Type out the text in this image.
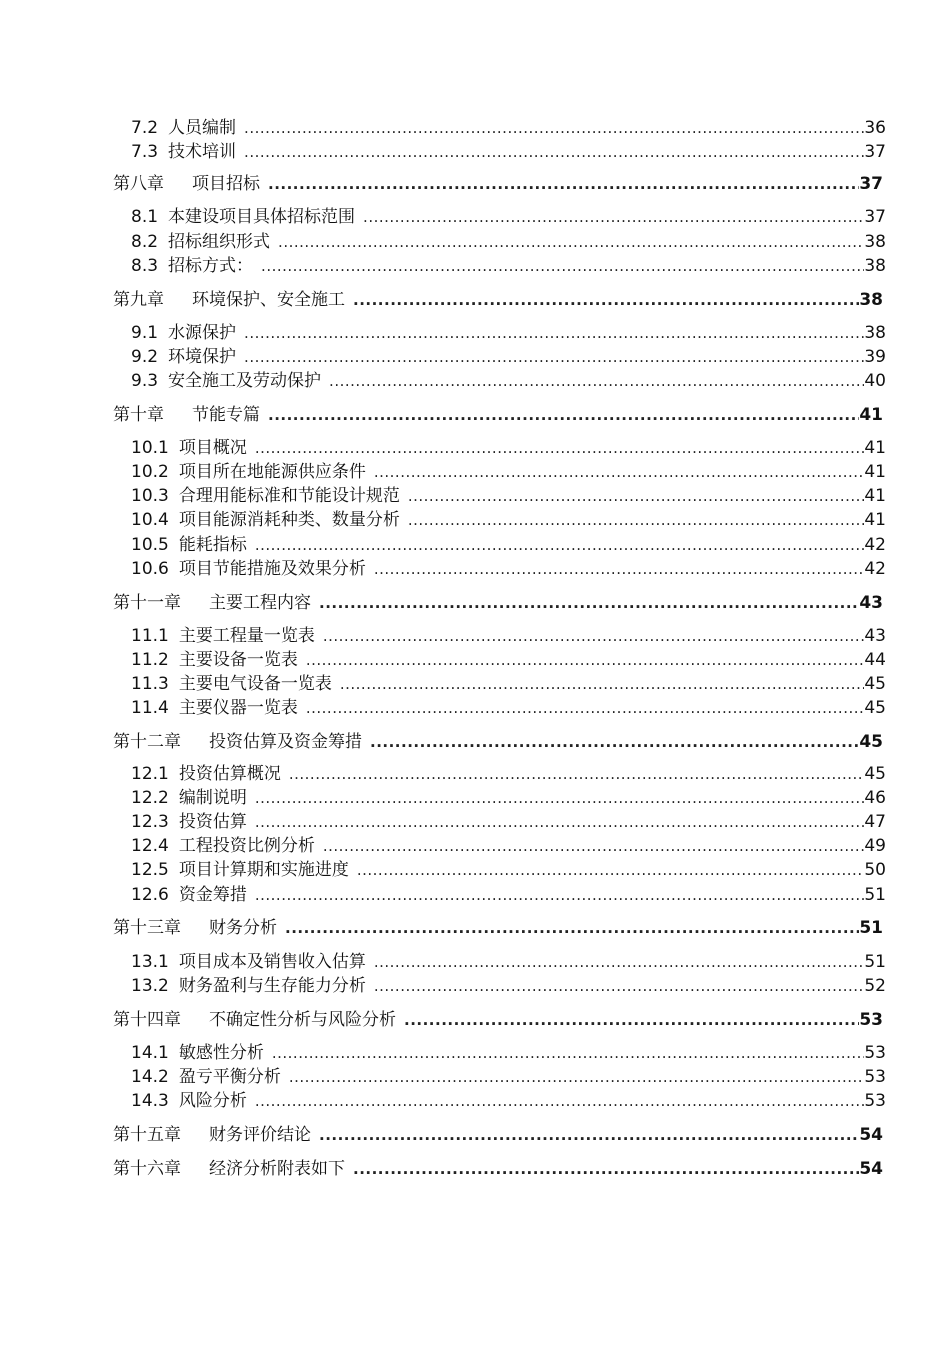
7.2 人员编制 .....	36
7.3 技术培训 .....	37
第八章 项目招标 .....	37
8.1 本建设项目具体招标范围 .....	37
8.2 招标组织形式 .....	38
8.3 招标方式： .....	38
第九章 环境保护、安全施工 .....	38
9.1 水源保护 .....	38
9.2 环境保护 .....	39
9.3 安全施工及劳动保护 .....	40
第十章 节能专篇 .....	41
10.1 项目概况 .....	41
10.2 项目所在地能源供应条件 .....	41
10.3 合理用能标准和节能设计规范 .....	41
10.4 项目能源消耗种类、数量分析 .....	41
10.5 能耗指标 .....	42
10.6 项目节能措施及效果分析 .....	42
第十一章 主要工程内容 .....	43
11.1 主要工程量一览表 .....	43
11.2 主要设备一览表 .....	44
11.3 主要电气设备一览表 .....	45
11.4 主要仪器一览表 .....	45
第十二章 投资估算及资金筹措 .....	45
12.1 投资估算概况 .....	45
12.2 编制说明 .....	46
12.3 投资估算 .....	47
12.4 工程投资比例分析 .....	49
12.5 项目计算期和实施进度 .....	50
12.6 资金筹措 .....	51
第十三章 财务分析 .....	51
13.1 项目成本及销售收入估算 .....	51
13.2 财务盈利与生存能力分析 .....	52
第十四章 不确定性分析与风险分析 .....	53
14.1 敏感性分析 .....	53
14.2 盈亏平衡分析 .....	53
14.3 风险分析 .....	53
第十五章 财务评价结论 .....	54
第十六章 经济分析附表如下 .....	54
